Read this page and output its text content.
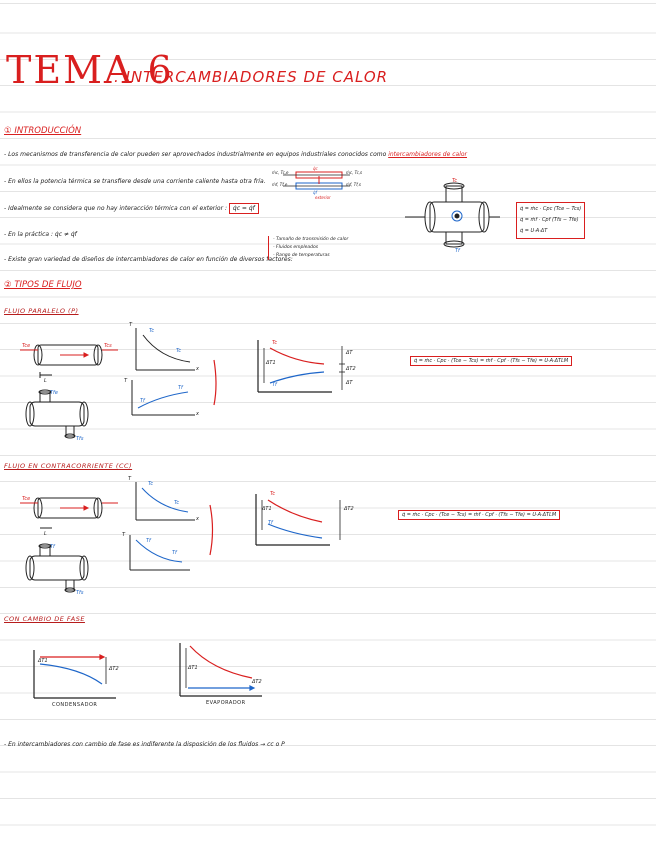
TEMA 6
. INTERCAMBIADORES DE CALOR
① INTRODUCCIÓN
- Los mecanismos de transferencia de calor pueden ser aprovechados industrialmente en equipos industriales conocidos como intercambiadores de calor
- En ellos la potencia térmica se transfiere desde una corriente caliente hasta otra fría.
- Idealmente se considera que no hay interacción térmica con el exterior : q̇c = q̇f
- En la práctica : q̇c ≠ q̇f
- Existe gran variedad de diseños de intercambiadores de calor en función de diversos factores:
- Tamaño de transmisión de calor
- Fluidos empleados
- Rango de temperaturas
ṁc, Tc,e	ṁc, Tc,s
ṁf, Tf,e	ṁf, Tf,s
q̇c
q̇f
exterior
Tc
Tf
q̇ = ṁc · Cpc (Tce − Tcs)
q̇ = ṁf · Cpf (Tfs − Tfe)
q̇ = U·A·ΔT
② TIPOS DE FLUJO
FLUJO PARALELO (P)
Tce	Tcs
L
Tfe
Tfs
T
Tc
Tc
x
T
Tf
Tf
x
Tc
ΔT1
Tf
ΔT
ΔT2
ΔT
q̇ = ṁc · Cpc · (Tce − Tcs) = ṁf · Cpf · (Tfs − Tfe) = U·A·ΔTLM
FLUJO EN CONTRACORRIENTE (CC)
Tce
L
Tf
Tfs
T
Tc
Tc
x
T
Tf
Tf
Tc
ΔT1
Tf
ΔT2
q̇ = ṁc · Cpc · (Tce − Tcs) = ṁf · Cpf · (Tfs − Tfe) = U·A·ΔTLM
CON CAMBIO DE FASE
ΔT1
ΔT2
CONDENSADOR
ΔT1
ΔT2
EVAPORADOR
- En intercambiadores con cambio de fase es indiferente la disposición de los fluidos → cc o P
